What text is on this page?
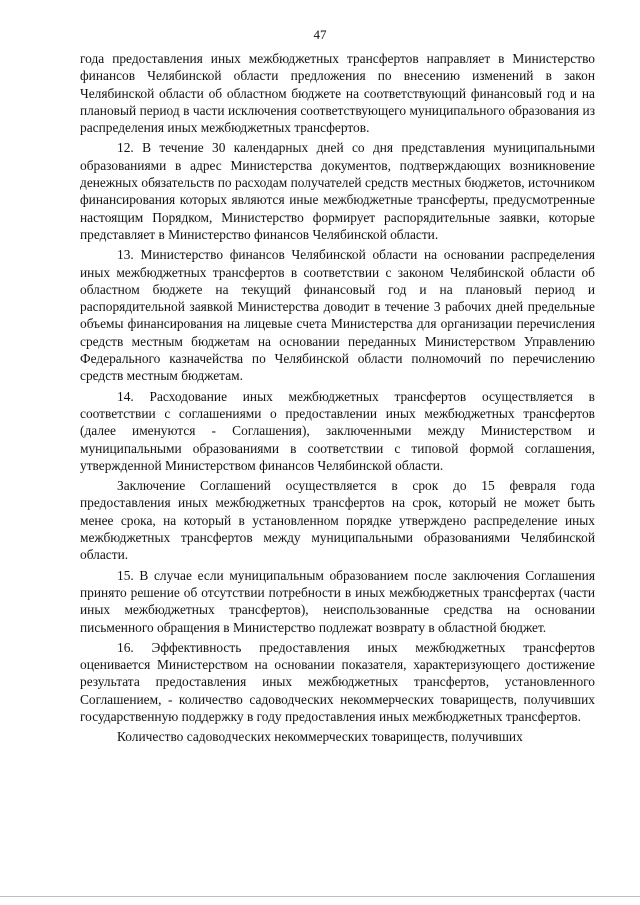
47

года предоставления иных межбюджетных трансфертов направляет в Министерство финансов Челябинской области предложения по внесению изменений в закон Челябинской области об областном бюджете на соответствующий финансовый год и на плановый период в части исключения соответствующего муниципального образования из распределения иных межбюджетных трансфертов.

12. В течение 30 календарных дней со дня представления муниципальными образованиями в адрес Министерства документов, подтверждающих возникновение денежных обязательств по расходам получателей средств местных бюджетов, источником финансирования которых являются иные межбюджетные трансферты, предусмотренные настоящим Порядком, Министерство формирует распорядительные заявки, которые представляет в Министерство финансов Челябинской области.

13. Министерство финансов Челябинской области на основании распределения иных межбюджетных трансфертов в соответствии с законом Челябинской области об областном бюджете на текущий финансовый год и на плановый период и распорядительной заявкой Министерства доводит в течение 3 рабочих дней предельные объемы финансирования на лицевые счета Министерства для организации перечисления средств местным бюджетам на основании переданных Министерством Управлению Федерального казначейства по Челябинской области полномочий по перечислению средств местным бюджетам.

14. Расходование иных межбюджетных трансфертов осуществляется в соответствии с соглашениями о предоставлении иных межбюджетных трансфертов (далее именуются - Соглашения), заключенными между Министерством и муниципальными образованиями в соответствии с типовой формой соглашения, утвержденной Министерством финансов Челябинской области.

Заключение Соглашений осуществляется в срок до 15 февраля года предоставления иных межбюджетных трансфертов на срок, который не может быть менее срока, на который в установленном порядке утверждено распределение иных межбюджетных трансфертов между муниципальными образованиями Челябинской области.

15. В случае если муниципальным образованием после заключения Соглашения принято решение об отсутствии потребности в иных межбюджетных трансфертах (части иных межбюджетных трансфертов), неиспользованные средства на основании письменного обращения в Министерство подлежат возврату в областной бюджет.

16. Эффективность предоставления иных межбюджетных трансфертов оценивается Министерством на основании показателя, характеризующего достижение результата предоставления иных межбюджетных трансфертов, установленного Соглашением, - количество садоводческих некоммерческих товариществ, получивших государственную поддержку в году предоставления иных межбюджетных трансфертов.

Количество садоводческих некоммерческих товариществ, получивших
